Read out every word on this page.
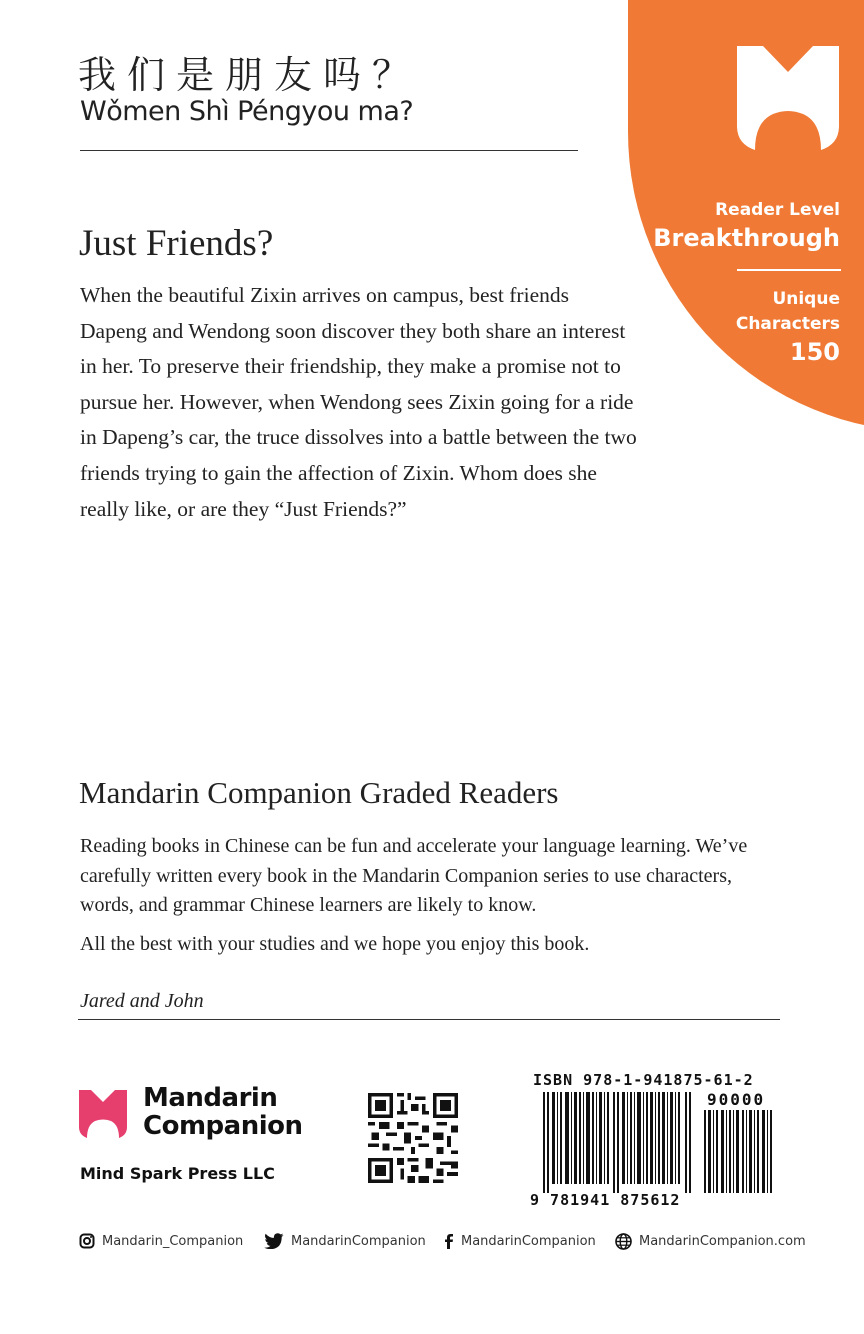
Reader Level
Breakthrough
Unique
Characters
150
我们是朋友吗？
Wǒmen Shì Péngyou ma?
Just Friends?

When the beautiful Zixin arrives on campus, best friends Dapeng and Wendong soon discover they both share an interest in her. To preserve their friendship, they make a promise not to pursue her. However, when Wendong sees Zixin going for a ride in Dapeng’s car, the truce dissolves into a battle between the two friends trying to gain the affection of Zixin. Whom does she really like, or are they “Just Friends?”

Mandarin Companion Graded Readers

Reading books in Chinese can be fun and accelerate your language learning. We’ve carefully written every book in the Mandarin Companion series to use characters, words, and grammar Chinese learners are likely to know.

All the best with your studies and we hope you enjoy this book.

Jared and John
Mandarin
Companion
Mind Spark Press LLC
ISBN 978-1-941875-61-2
90000
9 781941 875612
Mandarin_Companion	MandarinCompanion	MandarinCompanion	MandarinCompanion.com
